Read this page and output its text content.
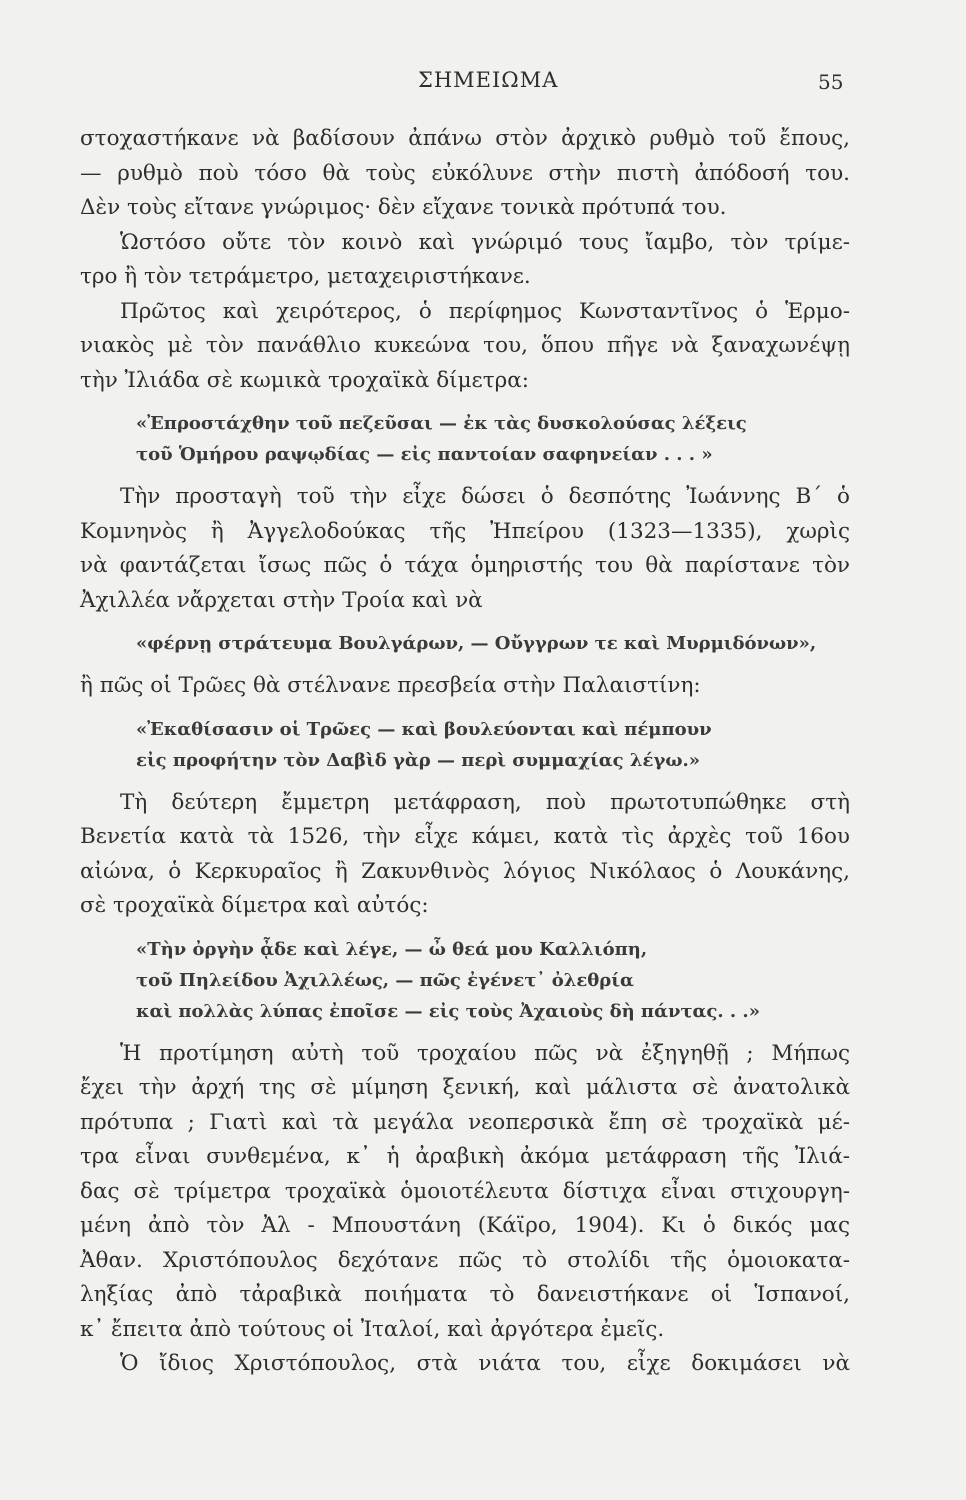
ΣΗΜΕΙΩΜΑ	55
στοχαστήκανε νὰ βαδίσουν ἀπάνω στὸν ἀρχικὸ ρυθμὸ τοῦ ἔπους,
— ρυθμὸ ποὺ τόσο θὰ τοὺς εὐκόλυνε στὴν πιστὴ ἀπόδοσή του.
Δὲν τοὺς εἴτανε γνώριμος· δὲν εἴχανε τονικὰ πρότυπά του.
Ὡστόσο οὔτε τὸν κοινὸ καὶ γνώριμό τους ἴαμβο, τὸν τρίμε-
τρο ἢ τὸν τετράμετρο, μεταχειριστήκανε.
Πρῶτος καὶ χειρότερος, ὁ περίφημος Κωνσταντῖνος ὁ Ἑρμο-
νιακὸς μὲ τὸν πανάθλιο κυκεώνα του, ὅπου πῆγε νὰ ξαναχωνέψῃ
τὴν Ἰλιάδα σὲ κωμικὰ τροχαϊκὰ δίμετρα:
«Ἐπροστάχθην τοῦ πεζεῦσαι — ἐκ τὰς δυσκολούσας λέξεις
τοῦ Ὁμήρου ραψῳδίας — εἰς παντοίαν σαφηνείαν . . . »
Τὴν προσταγὴ τοῦ τὴν εἶχε δώσει ὁ δεσπότης Ἰωάννης Β΄ ὁ
Κομνηνὸς ἢ Ἀγγελοδούκας τῆς Ἠπείρου (1323—1335), χωρὶς
νὰ φαντάζεται ἴσως πῶς ὁ τάχα ὁμηριστής του θὰ παρίστανε τὸν
Ἀχιλλέα νἄρχεται στὴν Τροία καὶ νὰ
«φέρνῃ στράτευμα Βουλγάρων, — Οὔγγρων τε καὶ Μυρμιδόνων»,
ἢ πῶς οἱ Τρῶες θὰ στέλνανε πρεσβεία στὴν Παλαιστίνη:
«Ἐκαθίσασιν οἱ Τρῶες — καὶ βουλεύονται καὶ πέμπουν
εἰς προφήτην τὸν Δαβὶδ γὰρ — περὶ συμμαχίας λέγω.»
Τὴ δεύτερη ἔμμετρη μετάφραση, ποὺ πρωτοτυπώθηκε στὴ
Βενετία κατὰ τὰ 1526, τὴν εἶχε κάμει, κατὰ τὶς ἀρχὲς τοῦ 16ου
αἰώνα, ὁ Κερκυραῖος ἢ Ζακυνθινὸς λόγιος Νικόλαος ὁ Λουκάνης,
σὲ τροχαϊκὰ δίμετρα καὶ αὐτός:
«Τὴν ὀργὴν ᾆδε καὶ λέγε, — ὦ θεά μου Καλλιόπη,
τοῦ Πηλείδου Ἀχιλλέως, — πῶς ἐγένετ᾽ ὀλεθρία
καὶ πολλὰς λύπας ἐποῖσε — εἰς τοὺς Ἀχαιοὺς δὴ πάντας. . .»
Ἡ προτίμηση αὐτὴ τοῦ τροχαίου πῶς νὰ ἐξηγηθῇ ; Μήπως
ἔχει τὴν ἀρχή της σὲ μίμηση ξενική, καὶ μάλιστα σὲ ἀνατολικὰ
πρότυπα ; Γιατὶ καὶ τὰ μεγάλα νεοπερσικὰ ἔπη σὲ τροχαϊκὰ μέ-
τρα εἶναι συνθεμένα, κ᾽ ἡ ἀραβικὴ ἀκόμα μετάφραση τῆς Ἰλιά-
δας σὲ τρίμετρα τροχαϊκὰ ὁμοιοτέλευτα δίστιχα εἶναι στιχουργη-
μένη ἀπὸ τὸν Ἀλ - Μπουστάνη (Κάϊρο, 1904). Κι ὁ δικός μας
Ἀθαν. Χριστόπουλος δεχότανε πῶς τὸ στολίδι τῆς ὁμοιοκατα-
ληξίας ἀπὸ τἀραβικὰ ποιήματα τὸ δανειστήκανε οἱ Ἱσπανοί,
κ᾽ ἔπειτα ἀπὸ τούτους οἱ Ἰταλοί, καὶ ἀργότερα ἐμεῖς.
Ὁ ἴδιος Χριστόπουλος, στὰ νιάτα του, εἶχε δοκιμάσει νὰ
